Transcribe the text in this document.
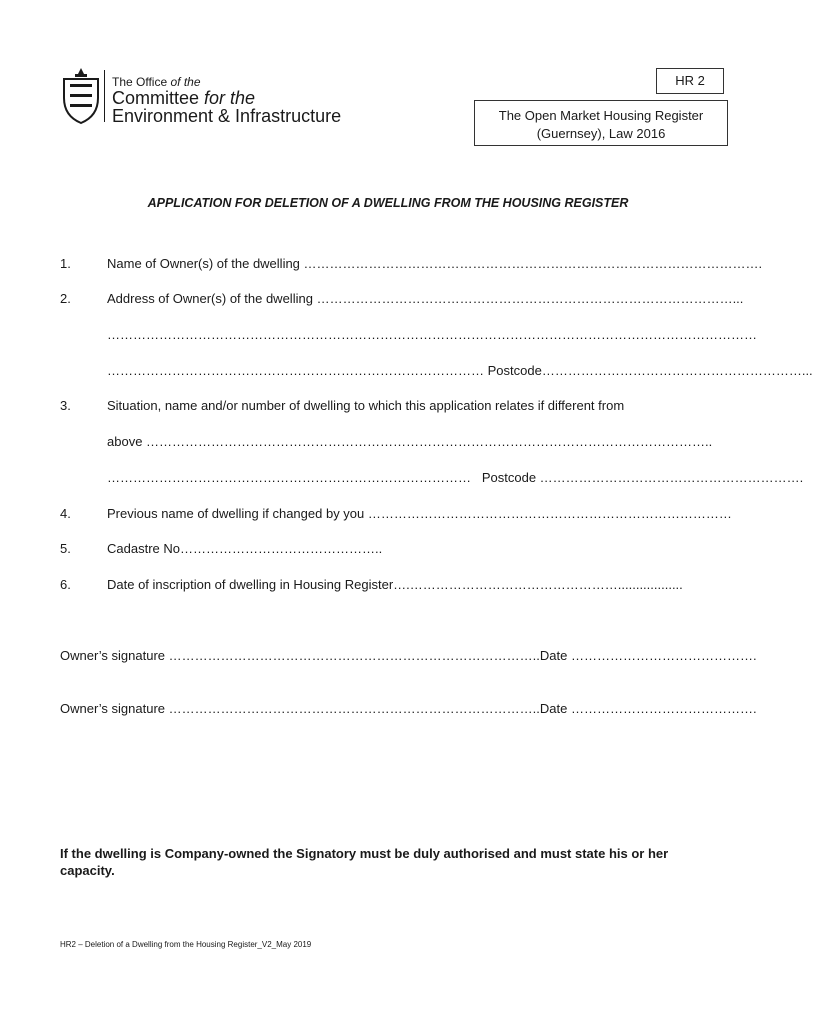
The Office of the
Committee for the
Environment & Infrastructure
HR 2
The Open Market Housing Register
(Guernsey), Law 2016
APPLICATION FOR DELETION OF A DWELLING FROM THE HOUSING REGISTER
1.	Name of Owner(s) of the dwelling …………………………………………………………………………………………….
2.	Address of Owner(s) of the dwelling ……………………………………………………………………………………...
……………………………………………………………………………………………………………………………………
…………………………………………………………………………… Postcode……………………………………………………...
3.	Situation, name and/or number of dwelling to which this application relates if different from
above …………………………………………………………………………………………………………………..
………………………………………………………………………… Postcode …………………………………………………….
4.	Previous name of dwelling if changed by you …………………………………………………………………………
5.	Cadastre No………………………………………..
6.	Date of inscription of dwelling in Housing Register….…………………………………………..................
Owner’s signature …………………………………………………………………………..Date …………………………………….
Owner’s signature …………………………………………………………………………..Date …………………………………….
If the dwelling is Company-owned the Signatory must be duly authorised and must state his or her capacity.
HR2 – Deletion of a Dwelling from the Housing Register_V2_May 2019
